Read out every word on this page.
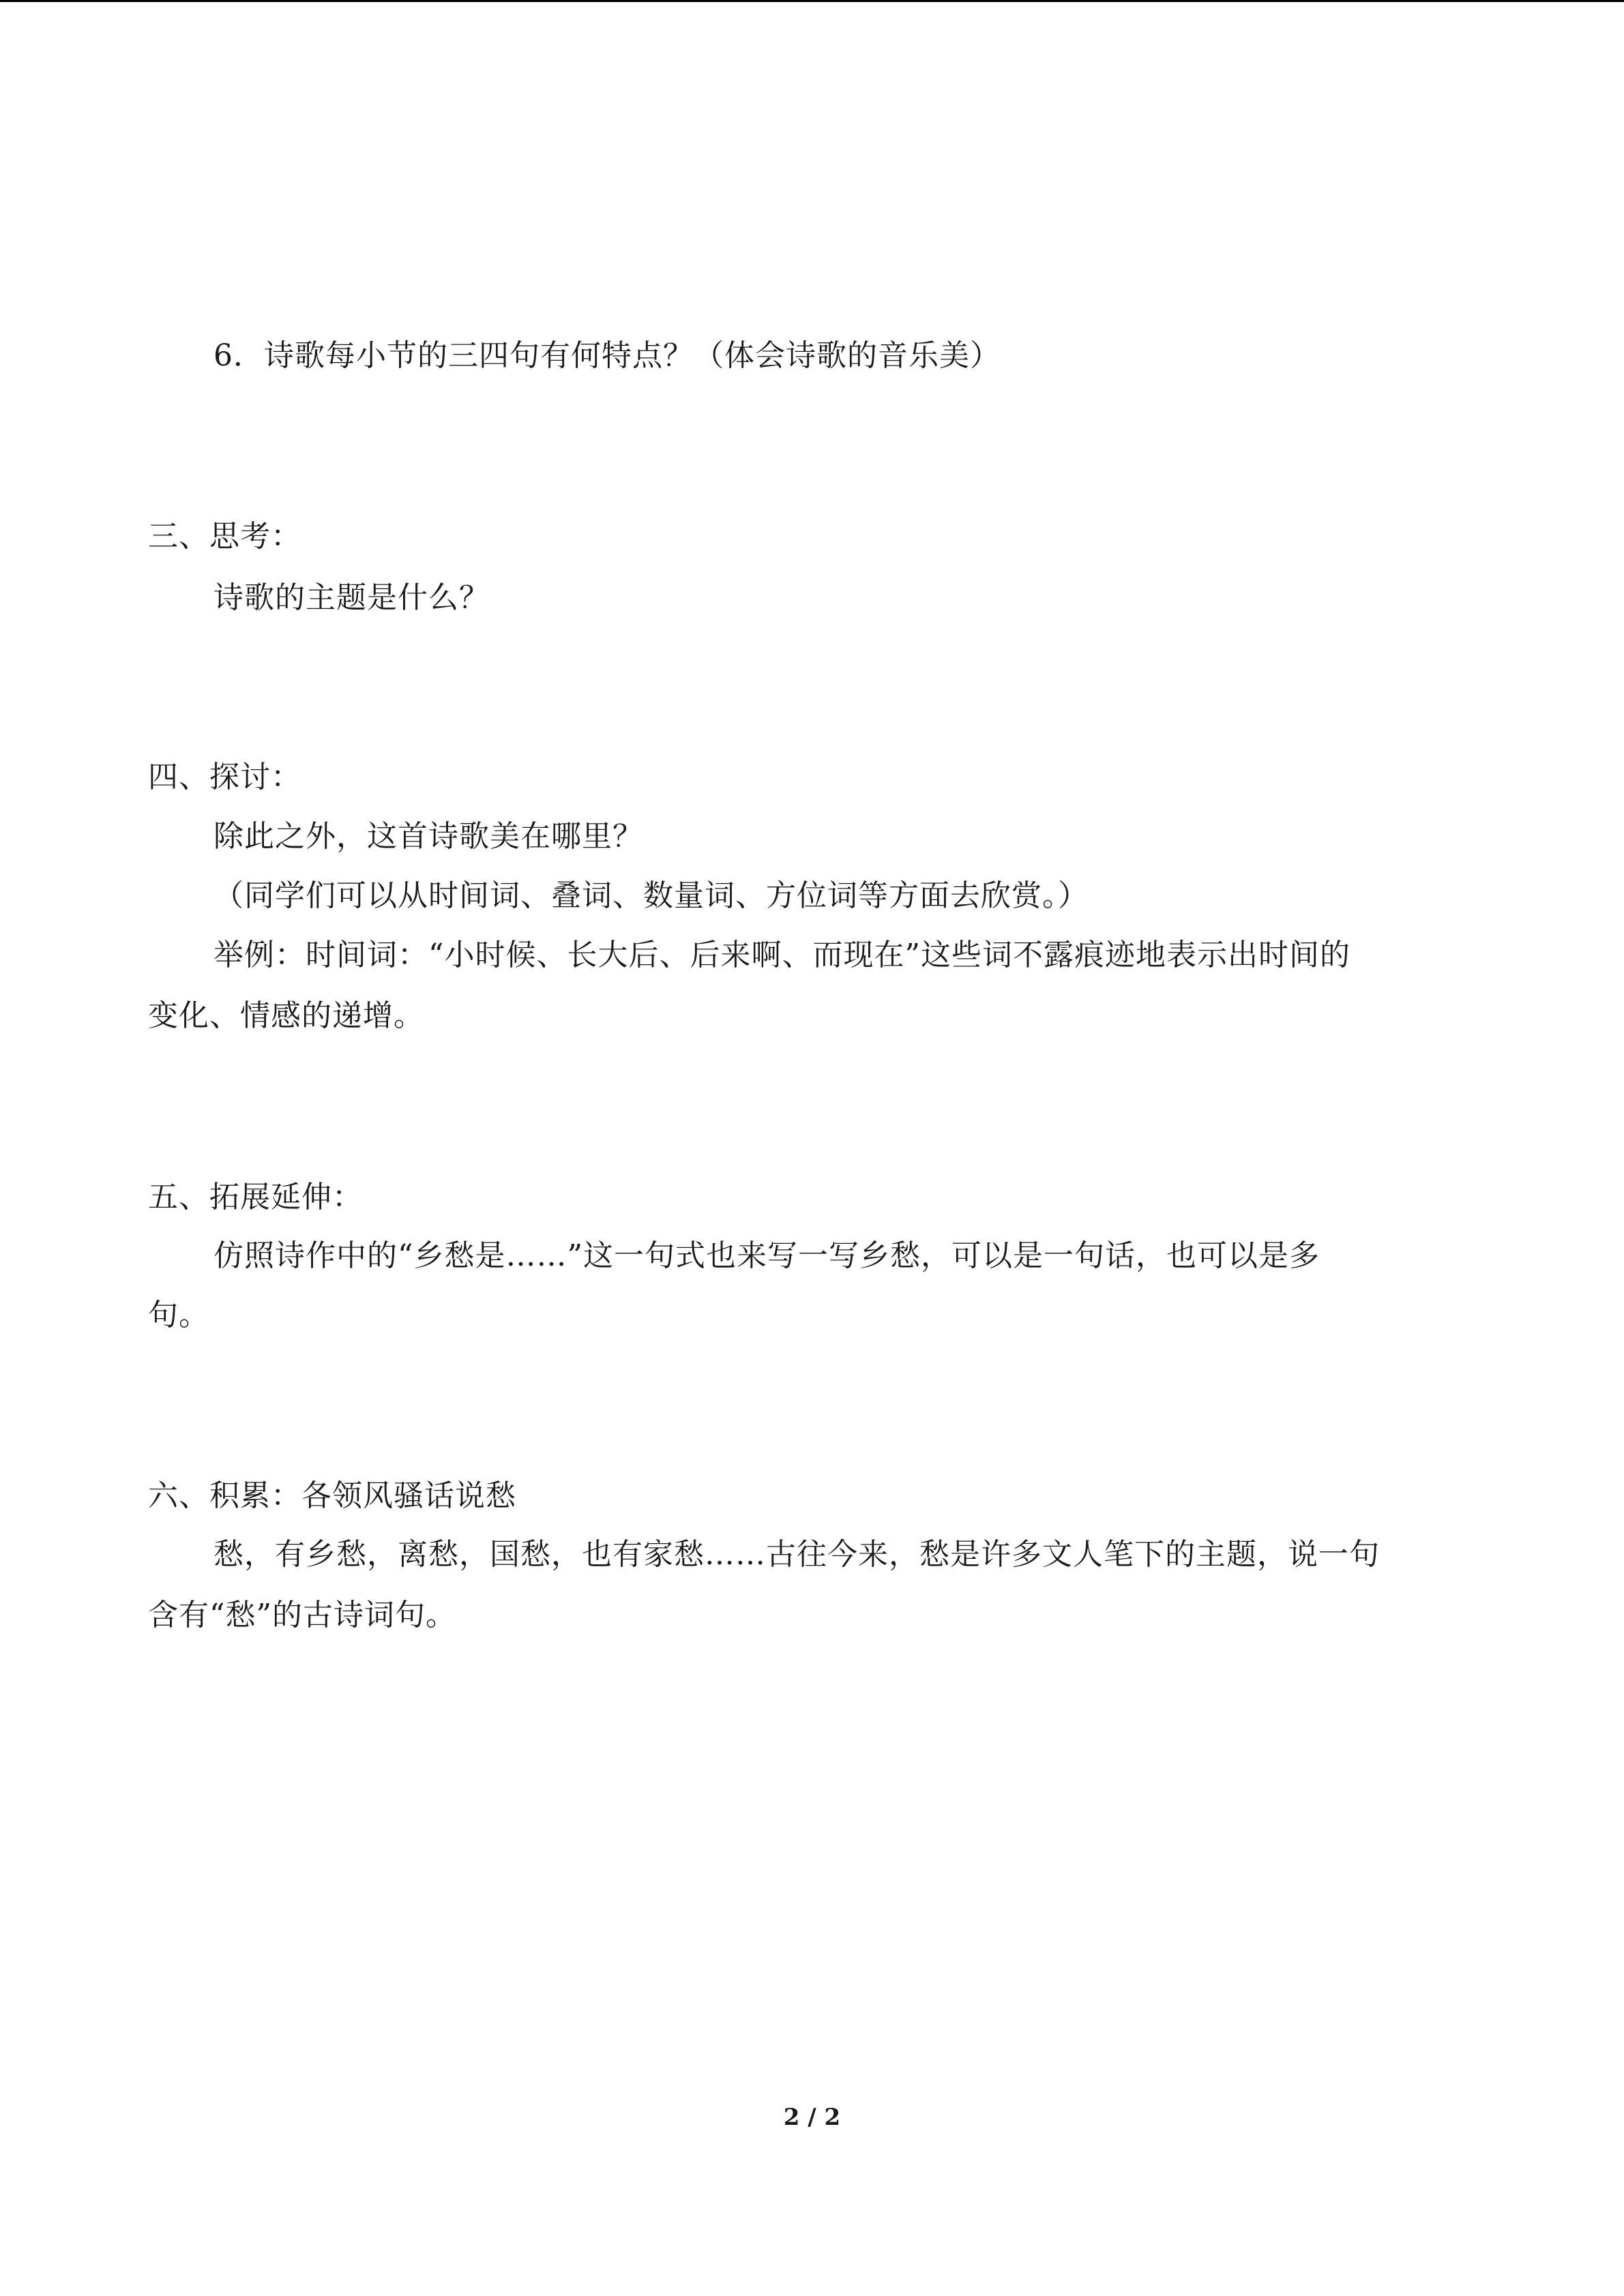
6．诗歌每小节的三四句有何特点？（体会诗歌的音乐美）
三、思考：
诗歌的主题是什么？
四、探讨：
除此之外，这首诗歌美在哪里？
（同学们可以从时间词、叠词、数量词、方位词等方面去欣赏。）
举例：时间词：“小时候、长大后、后来啊、而现在”这些词不露痕迹地表示出时间的
变化、情感的递增。
五、拓展延伸：
仿照诗作中的“乡愁是……”这一句式也来写一写乡愁，可以是一句话，也可以是多
句。
六、积累：各领风骚话说愁
愁，有乡愁，离愁，国愁，也有家愁……古往今来，愁是许多文人笔下的主题，说一句
含有“愁”的古诗词句。
2 / 2
